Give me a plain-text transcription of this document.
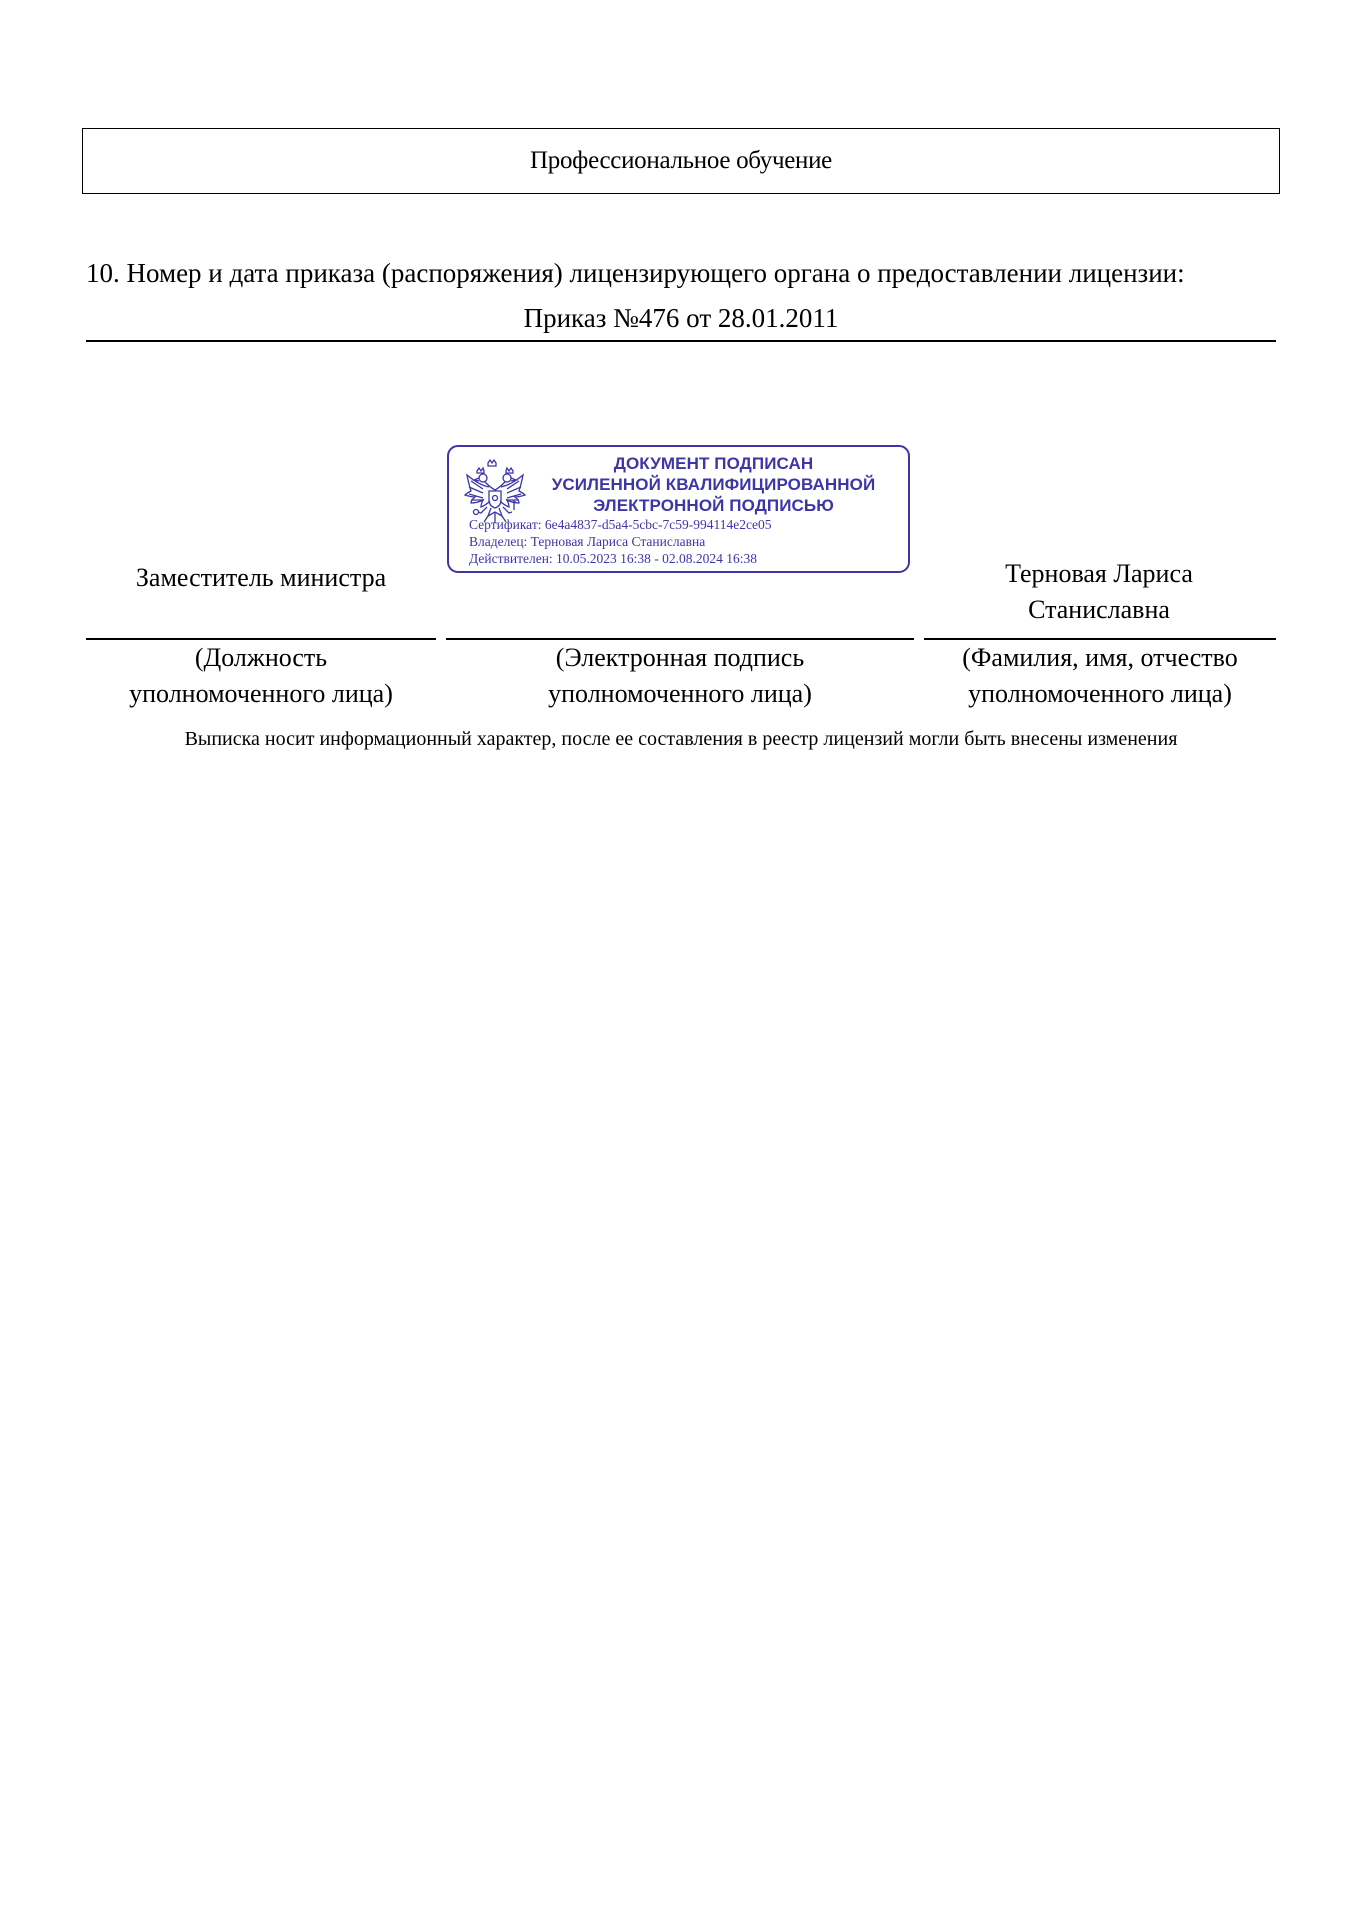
Профессиональное обучение
10. Номер и дата приказа (распоряжения) лицензирующего органа о предоставлении лицензии:
Приказ №476 от 28.01.2011
ДОКУМЕНТ ПОДПИСАН
УСИЛЕННОЙ КВАЛИФИЦИРОВАННОЙ
ЭЛЕКТРОННОЙ ПОДПИСЬЮ
Сертификат: 6e4a4837-d5a4-5cbc-7c59-994114e2ce05
Владелец: Терновая Лариса Станиславна
Действителен: 10.05.2023 16:38 - 02.08.2024 16:38
Заместитель министра	Терновая Лариса
Станиславна
(Должность
уполномоченного лица)
(Электронная подпись
уполномоченного лица)
(Фамилия, имя, отчество
уполномоченного лица)
Выписка носит информационный характер, после ее составления в реестр лицензий могли быть внесены изменения
